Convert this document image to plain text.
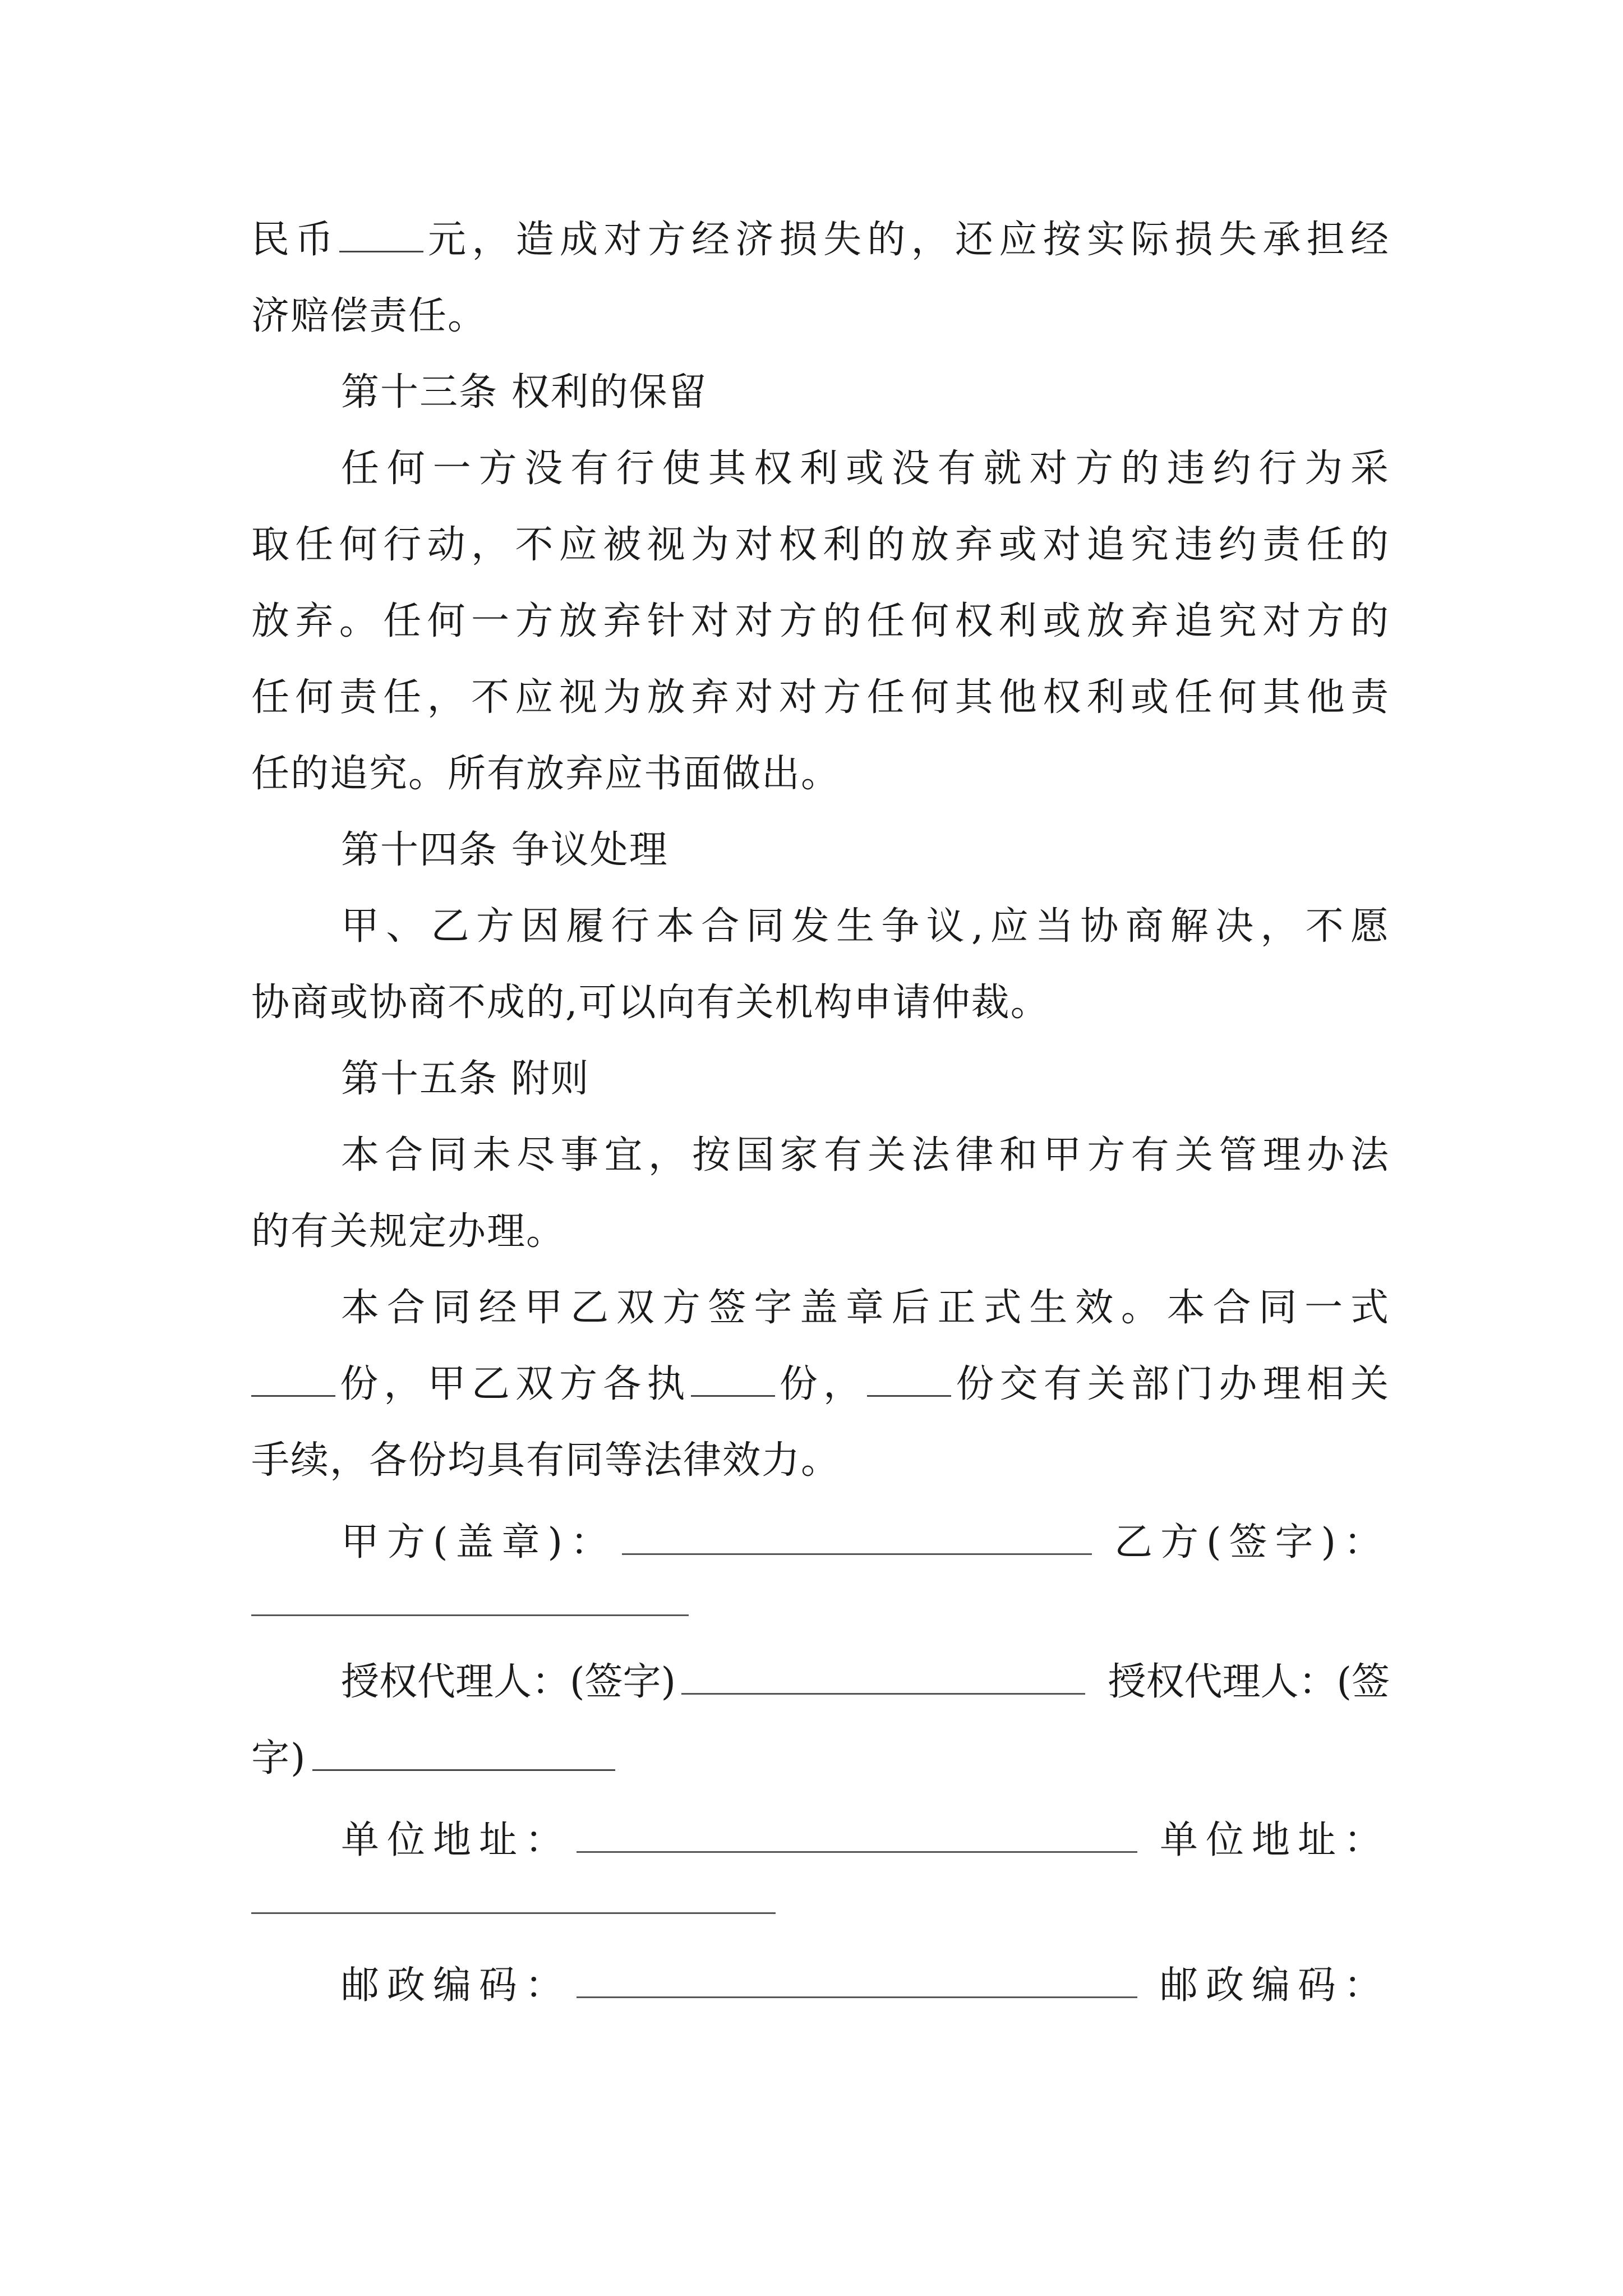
民币 元，造成对方经济损失的，还应按实际损失承担经
济赔偿责任。
第十三条 权利的保留
任何一方没有行使其权利或没有就对方的违约行为采
取任何行动，不应被视为对权利的放弃或对追究违约责任的
放弃。任何一方放弃针对对方的任何权利或放弃追究对方的
任何责任，不应视为放弃对对方任何其他权利或任何其他责
任的追究。所有放弃应书面做出。
第十四条 争议处理
甲、乙方因履行本合同发生争议,应当协商解决，不愿
协商或协商不成的,可以向有关机构申请仲裁。
第十五条 附则
本合同未尽事宜，按国家有关法律和甲方有关管理办法
的有关规定办理。
本合同经甲乙双方签字盖章后正式生效。本合同一式
份，甲乙双方各执 份， 份交有关部门办理相关
手续，各份均具有同等法律效力。
甲方(盖章)：	乙方(签字)：
授权代理人：(签字)	授权代理人：(签
字)
单位地址：	单位地址：
邮政编码：	邮政编码：
